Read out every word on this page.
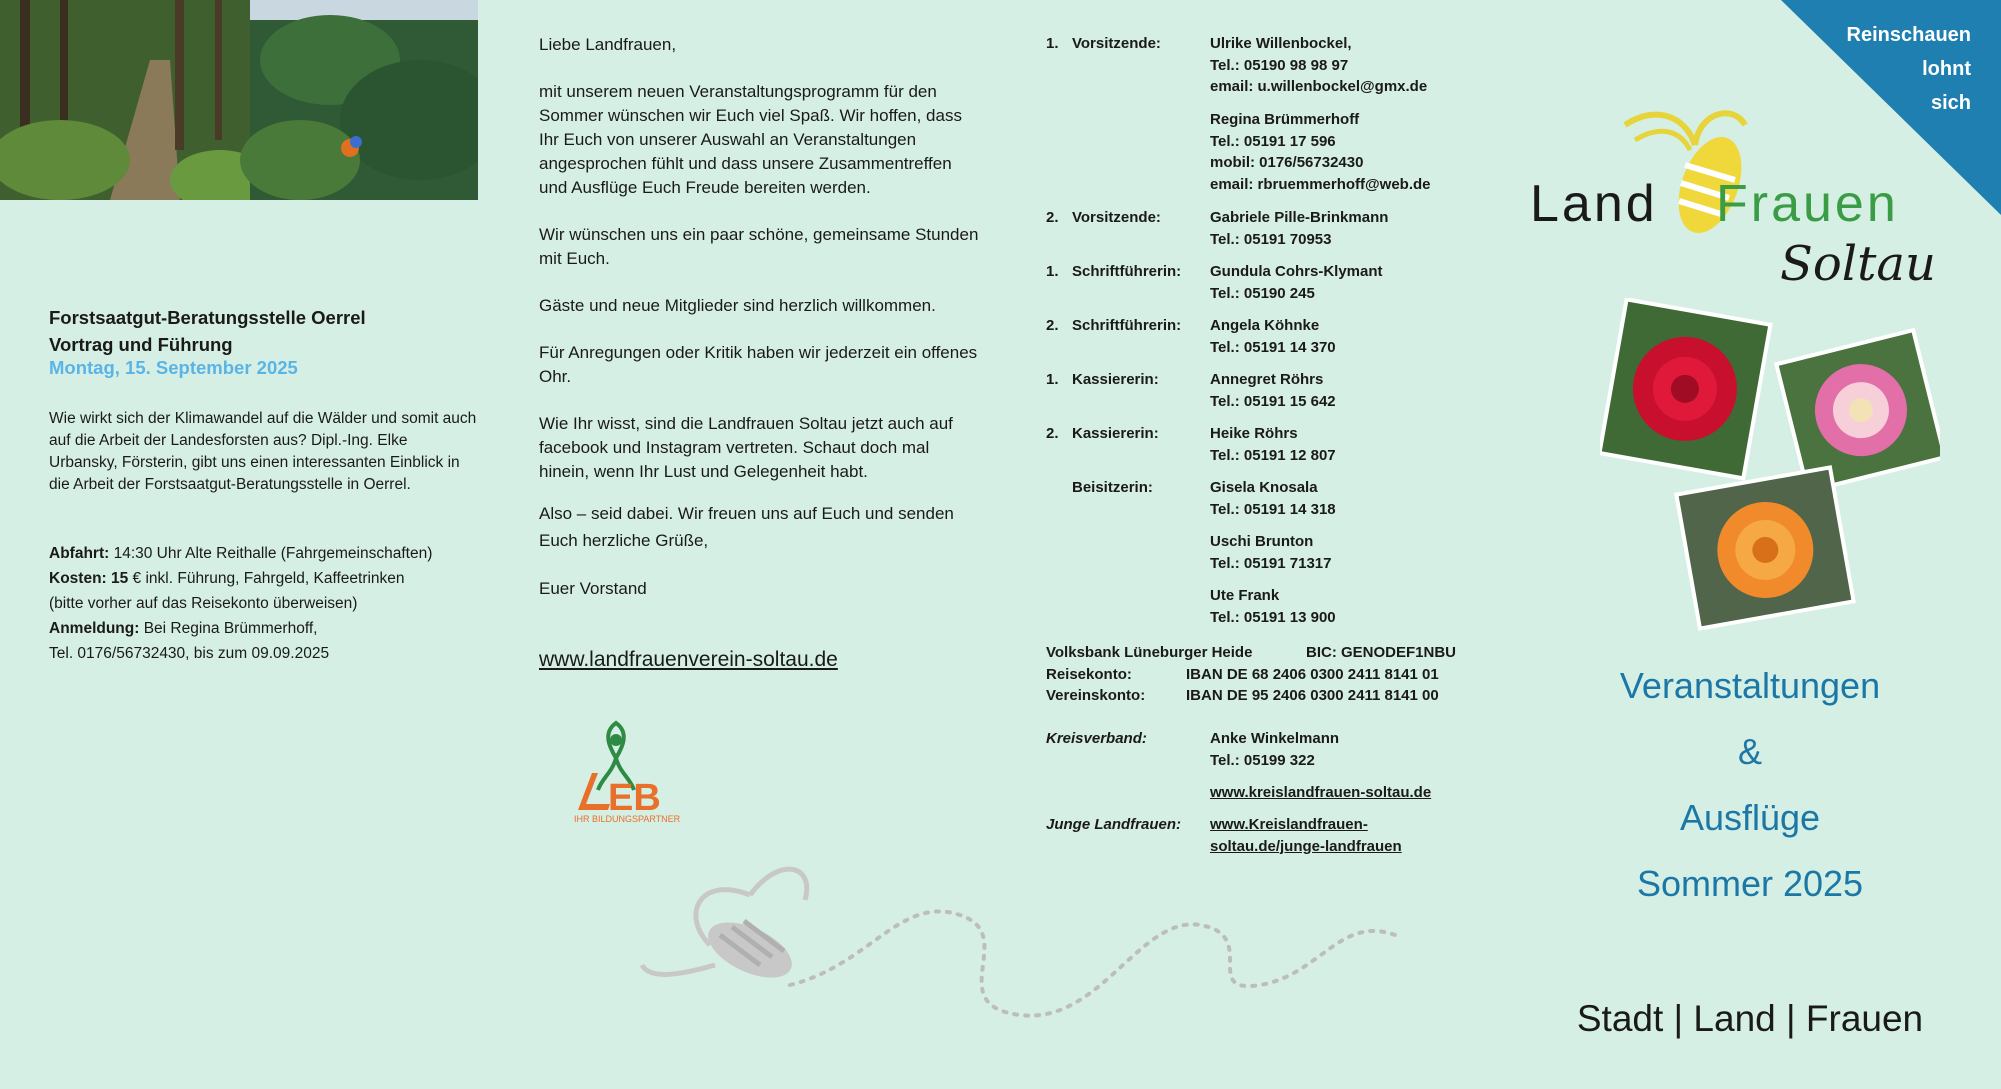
Forstsaatgut-Beratungsstelle Oerrel
Vortrag und Führung
Montag, 15. September 2025
Wie wirkt sich der Klimawandel auf die Wälder und somit auch auf die Arbeit der Landesforsten aus? Dipl.-Ing. Elke Urbansky, Försterin, gibt uns einen interessanten Einblick in die Arbeit der Forstsaatgut-Beratungsstelle in Oerrel.
Abfahrt: 14:30 Uhr Alte Reithalle (Fahrgemeinschaften)
Kosten: 15 € inkl. Führung, Fahrgeld, Kaffeetrinken
(bitte vorher auf das Reisekonto überweisen)
Anmeldung: Bei Regina Brümmerhoff,
Tel. 0176/56732430, bis zum 09.09.2025

Liebe Landfrauen,

mit unserem neuen Veranstaltungsprogramm für den Sommer wünschen wir Euch viel Spaß. Wir hoffen, dass Ihr Euch von unserer Auswahl an Veranstaltungen angesprochen fühlt und dass unsere Zusammentreffen und Ausflüge Euch Freude bereiten werden.

Wir wünschen uns ein paar schöne, gemeinsame Stunden mit Euch.

Gäste und neue Mitglieder sind herzlich willkommen.

Für Anregungen oder Kritik haben wir jederzeit ein offenes Ohr.

Wie Ihr wisst, sind die Landfrauen Soltau jetzt auch auf facebook und Instagram vertreten. Schaut doch mal hinein, wenn Ihr Lust und Gelegenheit habt.

Also – seid dabei. Wir freuen uns auf Euch und senden Euch herzliche Grüße,

Euer Vorstand

www.landfrauenverein-soltau.de
EB
IHR BILDUNGSPARTNER
1. Vorsitzende:	Ulrike Willenbockel,
Tel.: 05190 98 98 97
email: u.willenbockel@gmx.de
Regina Brümmerhoff
Tel.: 05191 17 596
mobil: 0176/56732430
email: rbruemmerhoff@web.de
2. Vorsitzende:	Gabriele Pille-Brinkmann
Tel.: 05191 70953
1. Schriftführerin:	Gundula Cohrs-Klymant
Tel.: 05190 245
2. Schriftführerin:	Angela Köhnke
Tel.: 05191 14 370
1. Kassiererin:	Annegret Röhrs
Tel.: 05191 15 642
2. Kassiererin:	Heike Röhrs
Tel.: 05191 12 807
Beisitzerin:	Gisela Knosala
Tel.: 05191 14 318
Uschi Brunton
Tel.: 05191 71317
Ute Frank
Tel.: 05191 13 900
Volksbank Lüneburger Heide	BIC: GENODEF1NBU
Reisekonto:	IBAN DE 68 2406 0300 2411 8141 01
Vereinskonto:	IBAN DE 95 2406 0300 2411 8141 00
Kreisverband:	Anke Winkelmann
Tel.: 05199 322
www.kreislandfrauen-soltau.de
Junge Landfrauen: www.Kreislandfrauen-
soltau.de/junge-landfrauen
Reinschauen
lohnt
sich
Land Frauen
Soltau
Veranstaltungen
&
Ausflüge
Sommer 2025
Stadt | Land | Frauen
